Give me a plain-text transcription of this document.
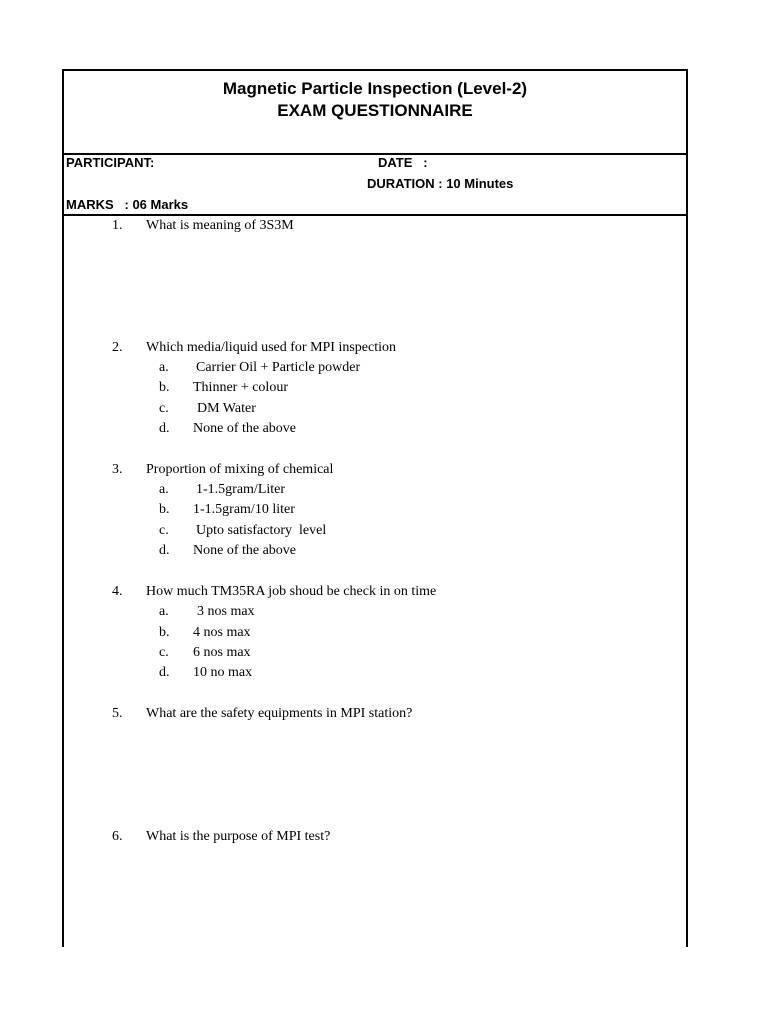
Magnetic Particle Inspection (Level-2)
EXAM QUESTIONNAIRE
PARTICIPANT:	DATE   :
DURATION : 10 Minutes
MARKS   : 06 Marks
1. What is meaning of 3S3M
2. Which media/liquid used for MPI inspection
a. Carrier Oil + Particle powder
b. Thinner + colour
c. DM Water
d. None of the above
3. Proportion of mixing of chemical
a. 1-1.5gram/Liter
b. 1-1.5gram/10 liter
c. Upto satisfactory  level
d. None of the above
4. How much TM35RA job shoud be check in on time
a. 3 nos max
b. 4 nos max
c. 6 nos max
d. 10 no max
5. What are the safety equipments in MPI station?
6. What is the purpose of MPI test?
